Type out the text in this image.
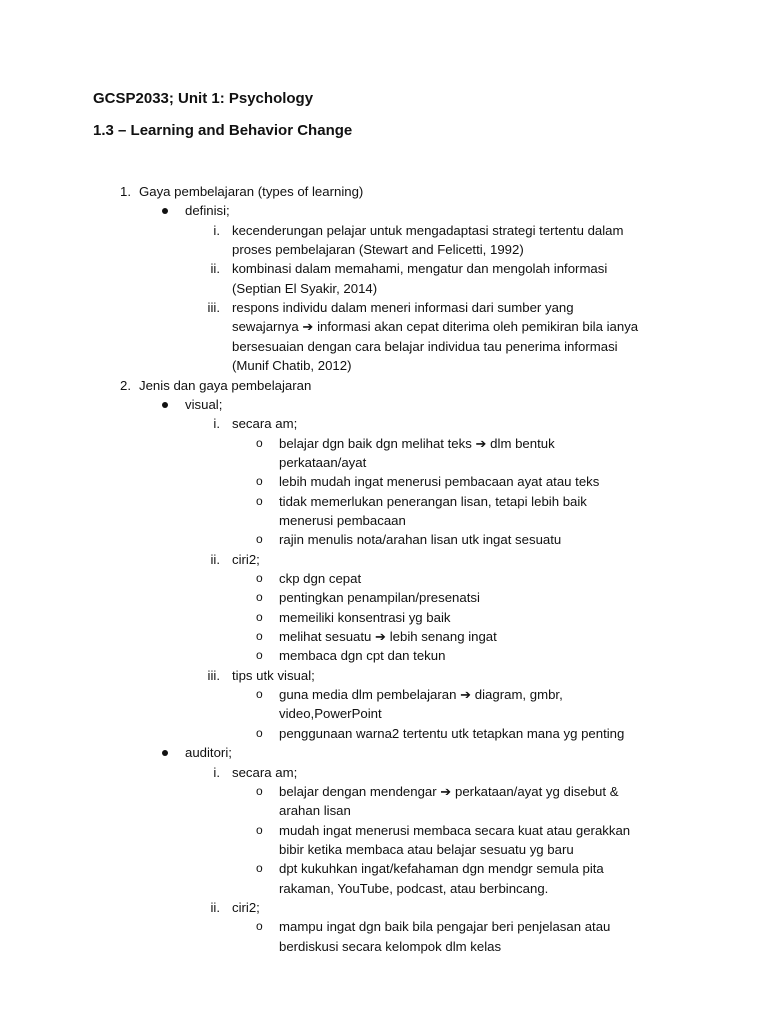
GCSP2033; Unit 1: Psychology
1.3 – Learning and Behavior Change
1. Gaya pembelajaran (types of learning)
definisi;
i. kecenderungan pelajar untuk mengadaptasi strategi tertentu dalam
proses pembelajaran (Stewart and Felicetti, 1992)
ii. kombinasi dalam memahami, mengatur dan mengolah informasi
(Septian El Syakir, 2014)
iii. respons individu dalam meneri informasi dari sumber yang
sewajarnya ➔ informasi akan cepat diterima oleh pemikiran bila ianya
bersesuaian dengan cara belajar individua tau penerima informasi
(Munif Chatib, 2012)
2. Jenis dan gaya pembelajaran
visual;
i. secara am;
o belajar dgn baik dgn melihat teks ➔ dlm bentuk
perkataan/ayat
o lebih mudah ingat menerusi pembacaan ayat atau teks
o tidak memerlukan penerangan lisan, tetapi lebih baik
menerusi pembacaan
o rajin menulis nota/arahan lisan utk ingat sesuatu
ii. ciri2;
o ckp dgn cepat
o pentingkan penampilan/presenatsi
o memeiliki konsentrasi yg baik
o melihat sesuatu ➔ lebih senang ingat
o membaca dgn cpt dan tekun
iii. tips utk visual;
o guna media dlm pembelajaran ➔ diagram, gmbr,
video,PowerPoint
o penggunaan warna2 tertentu utk tetapkan mana yg penting
auditori;
i. secara am;
o belajar dengan mendengar ➔ perkataan/ayat yg disebut &
arahan lisan
o mudah ingat menerusi membaca secara kuat atau gerakkan
bibir ketika membaca atau belajar sesuatu yg baru
o dpt kukuhkan ingat/kefahaman dgn mendgr semula pita
rakaman, YouTube, podcast, atau berbincang.
ii. ciri2;
o mampu ingat dgn baik bila pengajar beri penjelasan atau
berdiskusi secara kelompok dlm kelas
